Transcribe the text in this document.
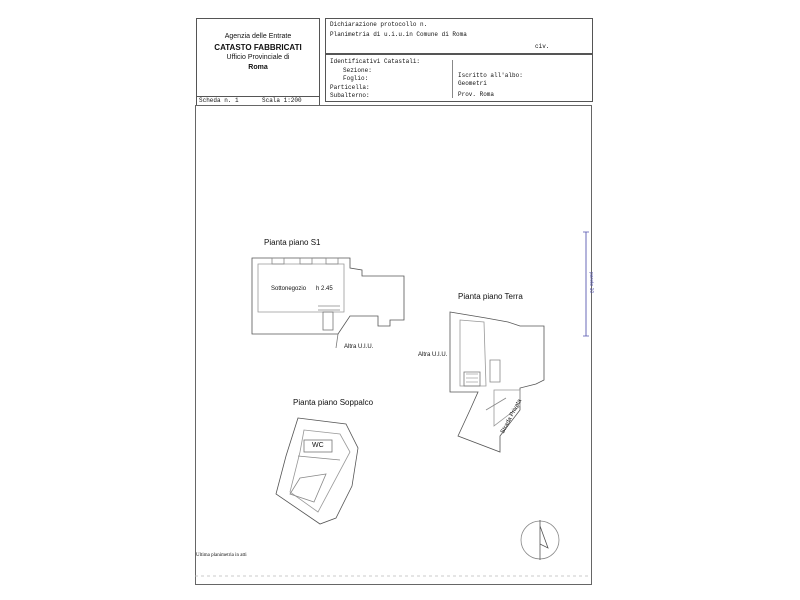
Agenzia delle Entrate
CATASTO FABBRICATI
Ufficio Provinciale di
Roma
Dichiarazione protocollo n.
Planimetria di u.i.u.in Comune di Roma
civ.
Identificativi Catastali:
Sezione:
Foglio:
Particella:
Subalterno:
Iscritto all'albo:
Geometri
Prov. Roma
Scheda n. 1	Scala 1:200
Pianta piano S1
Sottonegozio h 2.45
Altra U.I.U.
Pianta piano Terra
Altra U.I.U.
Strada Privata
Pianta piano Soppalco
WC
parete 10
Ultima planimetria in atti
